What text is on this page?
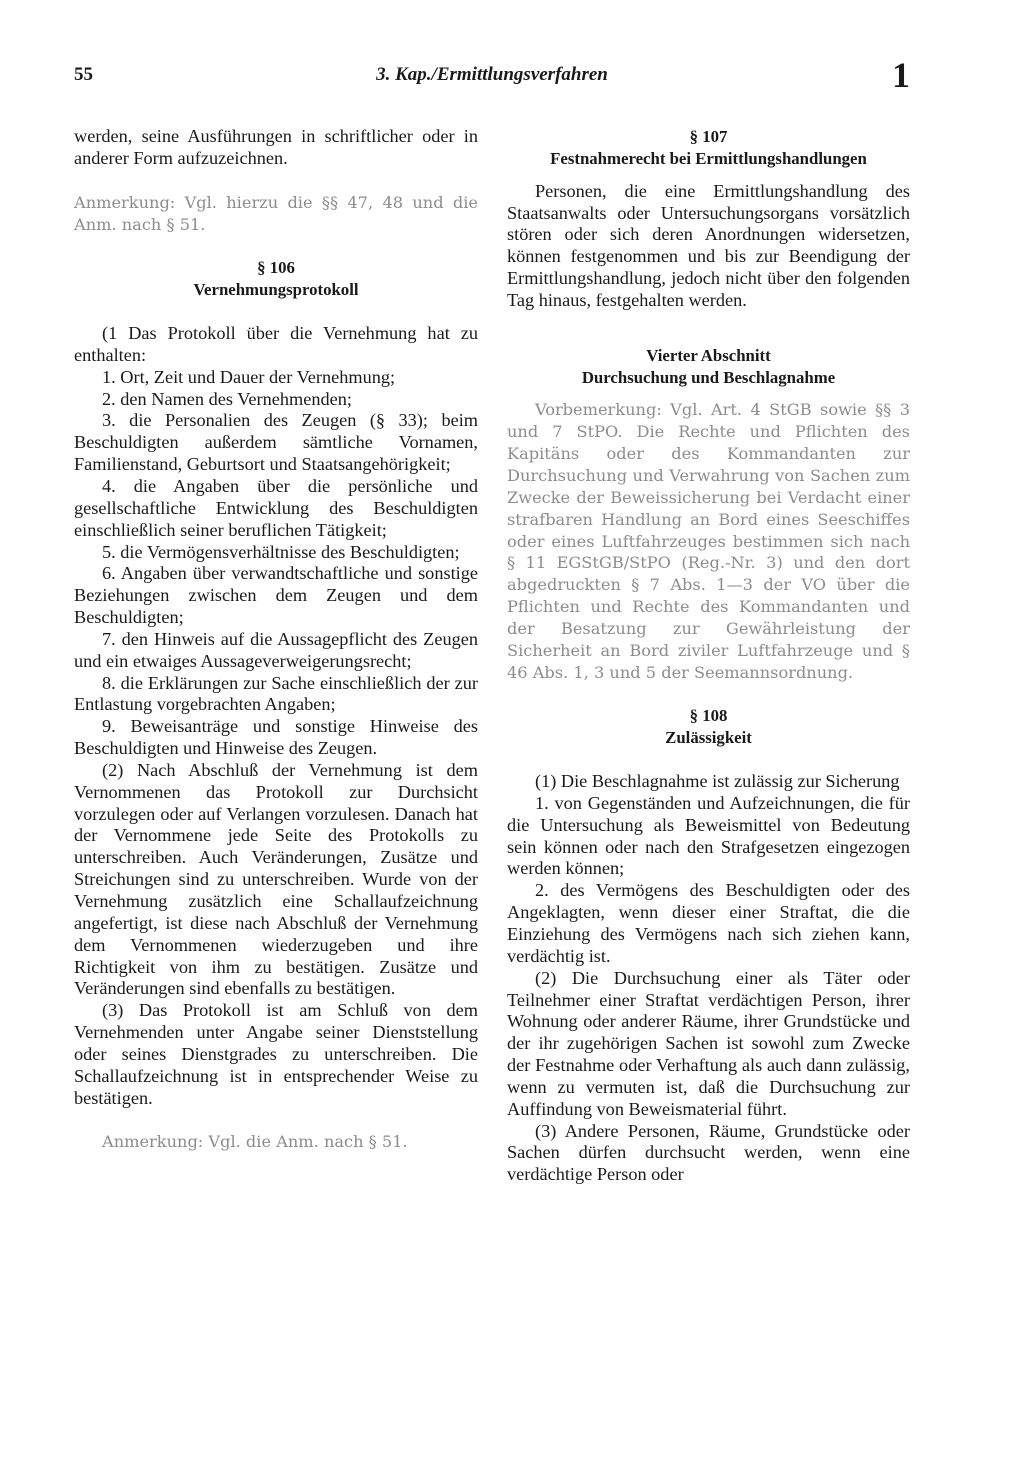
55	3. Kap./Ermittlungsverfahren	1

werden, seine Ausführungen in schriftlicher oder in anderer Form aufzuzeichnen.

Anmerkung: Vgl. hierzu die §§ 47, 48 und die Anm. nach § 51.

§ 106

Vernehmungsprotokoll

(1 Das Protokoll über die Vernehmung hat zu enthalten:

1. Ort, Zeit und Dauer der Vernehmung;

2. den Namen des Vernehmenden;

3. die Personalien des Zeugen (§ 33); beim Beschuldigten außerdem sämtliche Vornamen, Familienstand, Geburtsort und Staatsangehörigkeit;

4. die Angaben über die persönliche und gesellschaftliche Entwicklung des Beschuldigten einschließlich seiner beruflichen Tätigkeit;

5. die Vermögensverhältnisse des Beschuldigten;

6. Angaben über verwandtschaftliche und sonstige Beziehungen zwischen dem Zeugen und dem Beschuldigten;

7. den Hinweis auf die Aussagepflicht des Zeugen und ein etwaiges Aussageverweigerungsrecht;

8. die Erklärungen zur Sache einschließlich der zur Entlastung vorgebrachten Angaben;

9. Beweisanträge und sonstige Hinweise des Beschuldigten und Hinweise des Zeugen.

(2) Nach Abschluß der Vernehmung ist dem Vernommenen das Protokoll zur Durchsicht vorzulegen oder auf Verlangen vorzulesen. Danach hat der Vernommene jede Seite des Protokolls zu unterschreiben. Auch Veränderungen, Zusätze und Streichungen sind zu unterschreiben. Wurde von der Vernehmung zusätzlich eine Schallaufzeichnung angefertigt, ist diese nach Abschluß der Vernehmung dem Vernommenen wiederzugeben und ihre Richtigkeit von ihm zu bestätigen. Zusätze und Veränderungen sind ebenfalls zu bestätigen.

(3) Das Protokoll ist am Schluß von dem Vernehmenden unter Angabe seiner Dienststellung oder seines Dienstgrades zu unterschreiben. Die Schallaufzeichnung ist in entsprechender Weise zu bestätigen.

Anmerkung: Vgl. die Anm. nach § 51.

§ 107

Festnahmerecht bei Ermittlungshandlungen

Personen, die eine Ermittlungshandlung des Staatsanwalts oder Untersuchungsorgans vorsätzlich stören oder sich deren Anordnungen widersetzen, können festgenommen und bis zur Beendigung der Ermittlungshandlung, jedoch nicht über den folgenden Tag hinaus, festgehalten werden.

Vierter Abschnitt

Durchsuchung und Beschlagnahme

Vorbemerkung: Vgl. Art. 4 StGB sowie §§ 3 und 7 StPO. Die Rechte und Pflichten des Kapitäns oder des Kommandanten zur Durchsuchung und Verwahrung von Sachen zum Zwecke der Beweissicherung bei Verdacht einer strafbaren Handlung an Bord eines Seeschiffes oder eines Luftfahrzeuges bestimmen sich nach § 11 EGStGB/StPO (Reg.-Nr. 3) und den dort abgedruckten § 7 Abs. 1—3 der VO über die Pflichten und Rechte des Kommandanten und der Besatzung zur Gewährleistung der Sicherheit an Bord ziviler Luftfahrzeuge und § 46 Abs. 1, 3 und 5 der Seemannsordnung.

§ 108

Zulässigkeit

(1) Die Beschlagnahme ist zulässig zur Sicherung

1. von Gegenständen und Aufzeichnungen, die für die Untersuchung als Beweismittel von Bedeutung sein können oder nach den Strafgesetzen eingezogen werden können;

2. des Vermögens des Beschuldigten oder des Angeklagten, wenn dieser einer Straftat, die die Einziehung des Vermögens nach sich ziehen kann, verdächtig ist.

(2) Die Durchsuchung einer als Täter oder Teilnehmer einer Straftat verdächtigen Person, ihrer Wohnung oder anderer Räume, ihrer Grundstücke und der ihr zugehörigen Sachen ist sowohl zum Zwecke der Festnahme oder Verhaftung als auch dann zulässig, wenn zu vermuten ist, daß die Durchsuchung zur Auffindung von Beweismaterial führt.

(3) Andere Personen, Räume, Grundstücke oder Sachen dürfen durchsucht werden, wenn eine verdächtige Person oder
